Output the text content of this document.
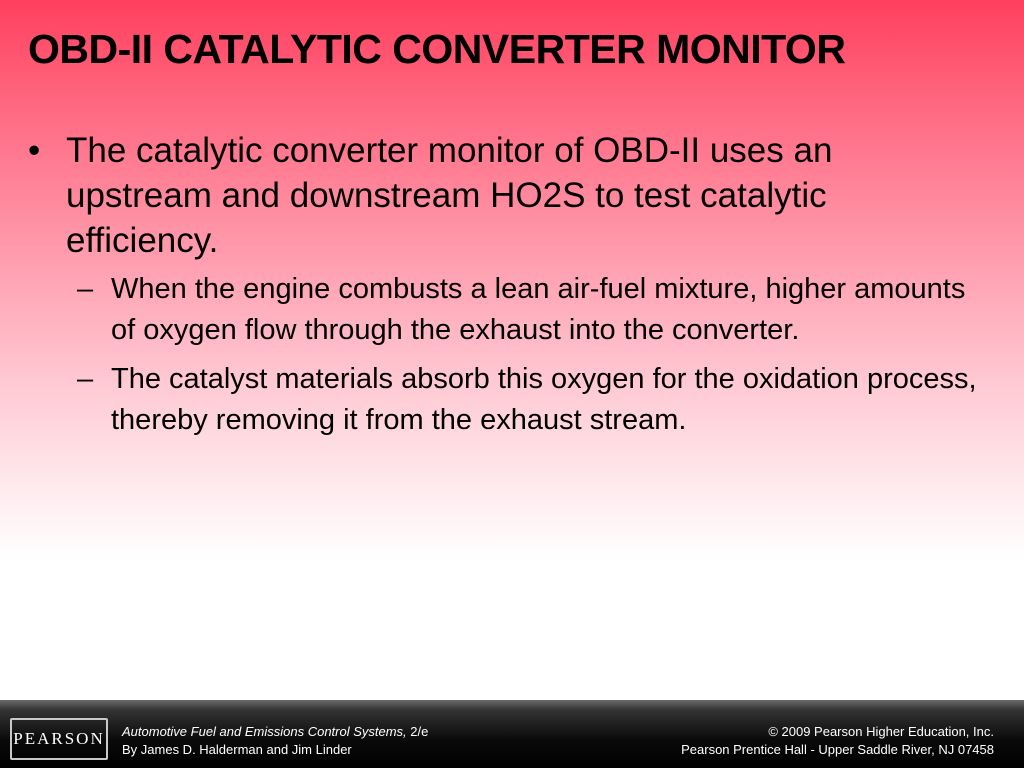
OBD-II CATALYTIC CONVERTER MONITOR
• The catalytic converter monitor of OBD-II uses an upstream and downstream HO2S to test catalytic efficiency.
– When the engine combusts a lean air-fuel mixture, higher amounts of oxygen flow through the exhaust into the converter.
– The catalyst materials absorb this oxygen for the oxidation process, thereby removing it from the exhaust stream.
PEARSON Automotive Fuel and Emissions Control Systems, 2/e
By James D. Halderman and Jim Linder
© 2009 Pearson Higher Education, Inc.
Pearson Prentice Hall - Upper Saddle River, NJ 07458
